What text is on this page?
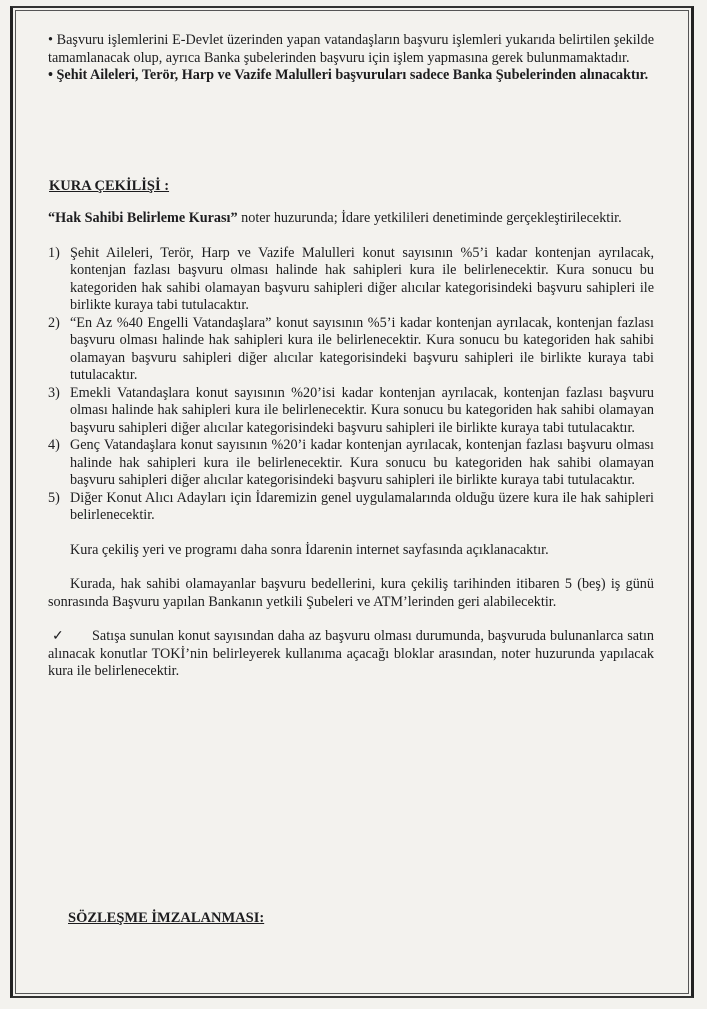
• Başvuru işlemlerini E-Devlet üzerinden yapan vatandaşların başvuru işlemleri yukarıda belirtilen şekilde tamamlanacak olup, ayrıca Banka şubelerinden başvuru için işlem yapmasına gerek bulunmamaktadır.

• Şehit Aileleri, Terör, Harp ve Vazife Malulleri başvuruları sadece Banka Şubelerinden alınacaktır.

KURA ÇEKİLİŞİ :

“Hak Sahibi Belirleme Kurası” noter huzurunda; İdare yetkilileri denetiminde gerçekleştirilecektir.

1) Şehit Aileleri, Terör, Harp ve Vazife Malulleri konut sayısının %5’i kadar kontenjan ayrılacak, kontenjan fazlası başvuru olması halinde hak sahipleri kura ile belirlenecektir. Kura sonucu bu kategoriden hak sahibi olamayan başvuru sahipleri diğer alıcılar kategorisindeki başvuru sahipleri ile birlikte kuraya tabi tutulacaktır.
2) “En Az %40 Engelli Vatandaşlara” konut sayısının %5’i kadar kontenjan ayrılacak, kontenjan fazlası başvuru olması halinde hak sahipleri kura ile belirlenecektir. Kura sonucu bu kategoriden hak sahibi olamayan başvuru sahipleri diğer alıcılar kategorisindeki başvuru sahipleri ile birlikte kuraya tabi tutulacaktır.
3) Emekli Vatandaşlara konut sayısının %20’isi kadar kontenjan ayrılacak, kontenjan fazlası başvuru olması halinde hak sahipleri kura ile belirlenecektir. Kura sonucu bu kategoriden hak sahibi olamayan başvuru sahipleri diğer alıcılar kategorisindeki başvuru sahipleri ile birlikte kuraya tabi tutulacaktır.
4) Genç Vatandaşlara konut sayısının %20’i kadar kontenjan ayrılacak, kontenjan fazlası başvuru olması halinde hak sahipleri kura ile belirlenecektir. Kura sonucu bu kategoriden hak sahibi olamayan başvuru sahipleri diğer alıcılar kategorisindeki başvuru sahipleri ile birlikte kuraya tabi tutulacaktır.
5) Diğer Konut Alıcı Adayları için İdaremizin genel uygulamalarında olduğu üzere kura ile hak sahipleri belirlenecektir.

Kura çekiliş yeri ve programı daha sonra İdarenin internet sayfasında açıklanacaktır.

Kurada, hak sahibi olamayanlar başvuru bedellerini, kura çekiliş tarihinden itibaren 5 (beş) iş günü sonrasında Başvuru yapılan Bankanın yetkili Şubeleri ve ATM’lerinden geri alabilecektir.

✓ Satışa sunulan konut sayısından daha az başvuru olması durumunda, başvuruda bulunanlarca satın alınacak konutlar TOKİ’nin belirleyerek kullanıma açacağı bloklar arasından, noter huzurunda yapılacak kura ile belirlenecektir.

SÖZLEŞME İMZALANMASI:
